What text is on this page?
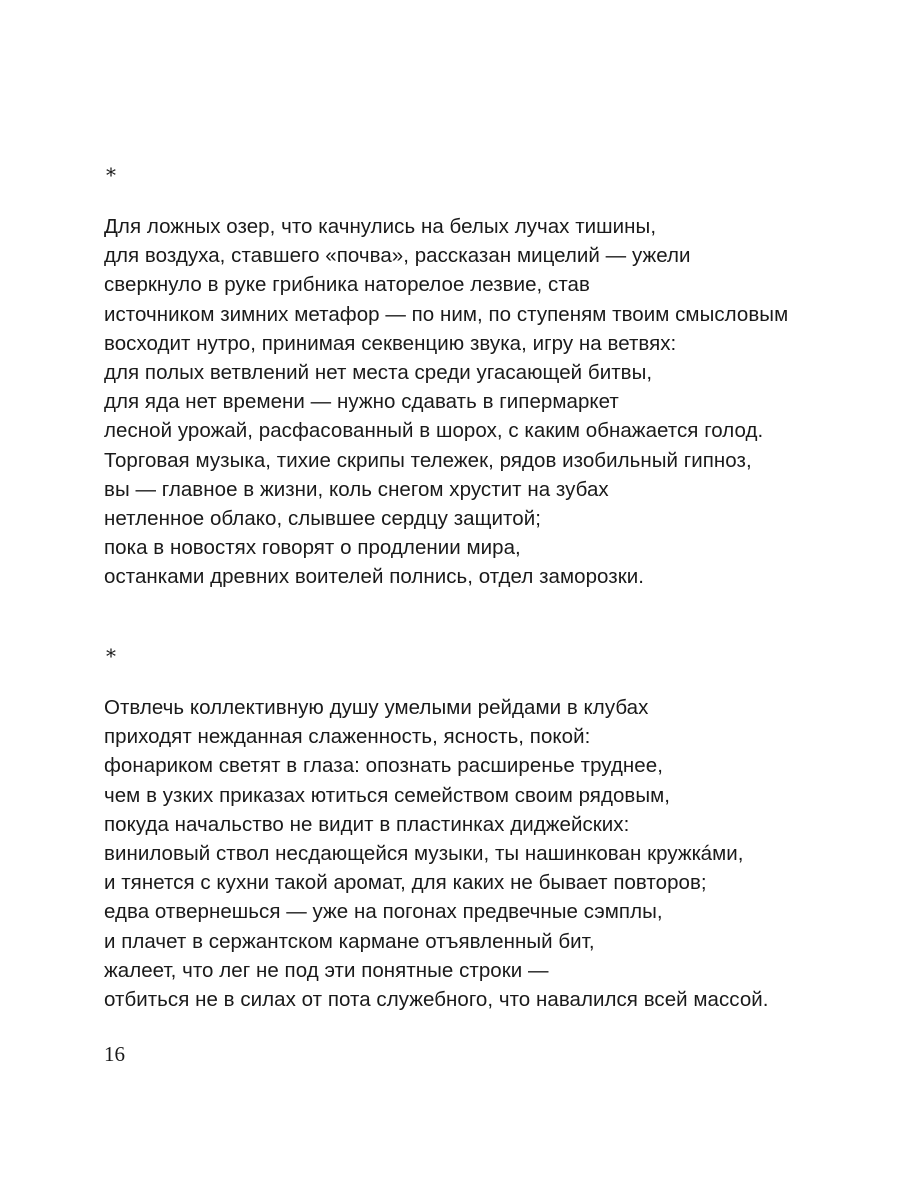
*
Для ложных озер, что качнулись на белых лучах тишины,
для воздуха, ставшего «почва», рассказан мицелий — ужели
сверкнуло в руке грибника наторелое лезвие, став
источником зимних метафор — по ним, по ступеням твоим смысловым
восходит нутро, принимая секвенцию звука, игру на ветвях:
для полых ветвлений нет места среди угасающей битвы,
для яда нет времени — нужно сдавать в гипермаркет
лесной урожай, расфасованный в шорох, с каким обнажается голод.
Торговая музыка, тихие скрипы тележек, рядов изобильный гипноз,
вы — главное в жизни, коль снегом хрустит на зубах
нетленное облако, слывшее сердцу защитой;
пока в новостях говорят о продлении мира,
останками древних воителей полнись, отдел заморозки.
*
Отвлечь коллективную душу умелыми рейдами в клубах
приходят нежданная слаженность, ясность, покой:
фонариком светят в глаза: опознать расширенье труднее,
чем в узких приказах ютиться семейством своим рядовым,
покуда начальство не видит в пластинках диджейских:
виниловый ствол несдающейся музыки, ты нашинкован кружкáми,
и тянется с кухни такой аромат, для каких не бывает повторов;
едва отвернешься — уже на погонах предвечные сэмплы,
и плачет в сержантском кармане отъявленный бит,
жалеет, что лег не под эти понятные строки —
отбиться не в силах от пота служебного, что навалился всей массой.
16
